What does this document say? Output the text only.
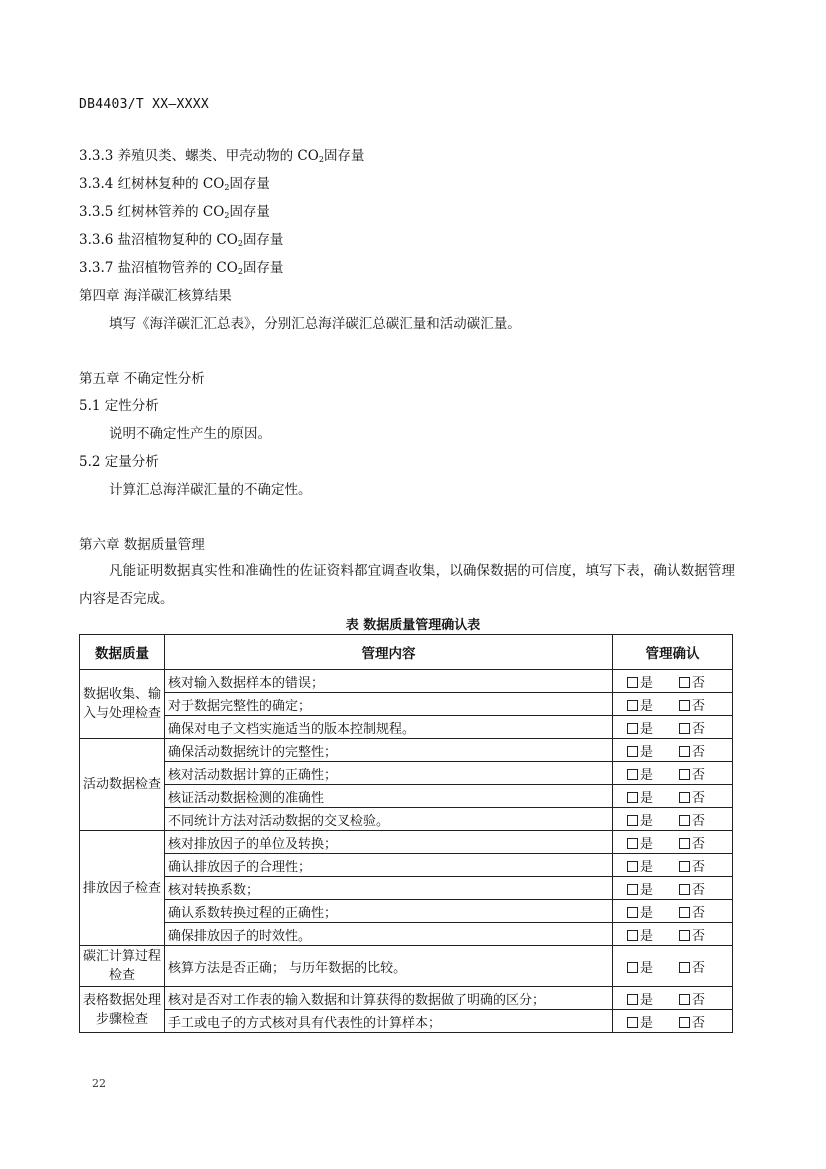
DB4403/T XX—XXXX
3.3.3 养殖贝类、螺类、甲壳动物的 $CO_2$固存量
3.3.4 红树林复种的 $CO_2$固存量
3.3.5 红树林管养的 $CO_2$固存量
3.3.6 盐沼植物复种的 $CO_2$固存量
3.3.7 盐沼植物管养的 $CO_2$固存量
第四章 海洋碳汇核算结果
填写《海洋碳汇汇总表》，分别汇总海洋碳汇总碳汇量和活动碳汇量。
第五章 不确定性分析
5.1 定性分析
说明不确定性产生的原因。
5.2 定量分析
计算汇总海洋碳汇量的不确定性。
第六章 数据质量管理
凡能证明数据真实性和准确性的佐证资料都宜调查收集，以确保数据的可信度，填写下表，确认数据管理内容是否完成。
表 数据质量管理确认表
数据质量	管理内容	管理确认
数据收集、输入与处理检查	核对输入数据样本的错误；	是 否
	对于数据完整性的确定；	是 否
	确保对电子文档实施适当的版本控制规程。	是 否
活动数据检查	确保活动数据统计的完整性；	是 否
	核对活动数据计算的正确性；	是 否
	核证活动数据检测的准确性	是 否
	不同统计方法对活动数据的交叉检验。	是 否
排放因子检查	核对排放因子的单位及转换；	是 否
	确认排放因子的合理性；	是 否
	核对转换系数；	是 否
	确认系数转换过程的正确性；	是 否
	确保排放因子的时效性。	是 否
碳汇计算过程检查	核算方法是否正确； 与历年数据的比较。	是 否
表格数据处理步骤检查	核对是否对工作表的输入数据和计算获得的数据做了明确的区分；	是 否
	手工或电子的方式核对具有代表性的计算样本；	是 否
22
